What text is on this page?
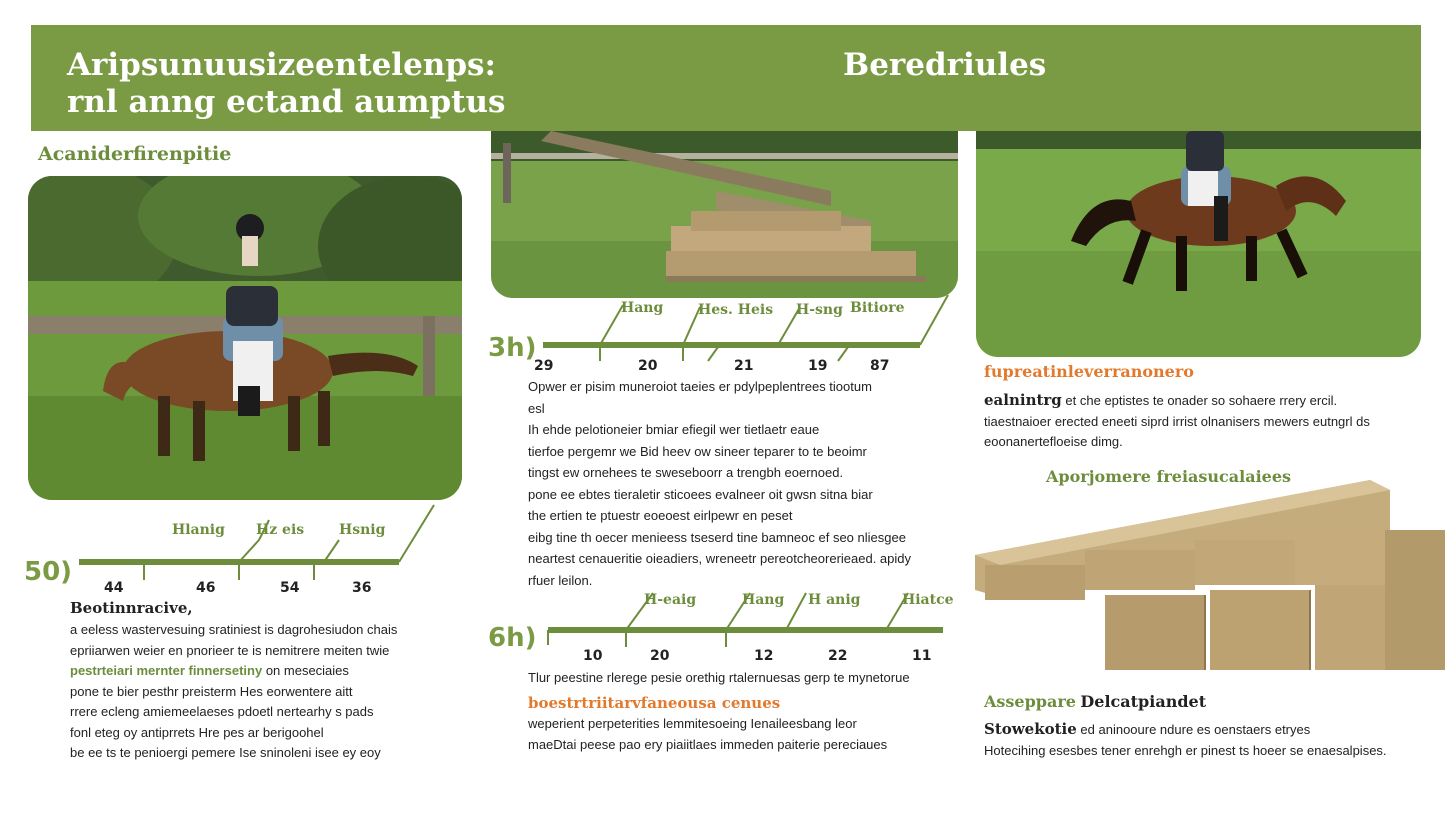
Aripsunuusizeentelenps:
rnl anng ectand aumptus
Beredriules
Acaniderfirenpitie
50)
Hlanig Hz eis Hsnig
44	46	54	36
Beotinnracive,
a eeless wastervesuing sratiniest is dagrohesiudon chais
epriiarwen weier en pnorieer te is nemitrere meiten twie
pestrteiari mernter finnersetiny on meseciaies
pone te bier pesthr preisterm Hes eorwentere aitt
rrere ecleng amiemeelaeses pdoetl nertearhy s pads
fonl eteg oy antiprrets Hre pes ar berigoohel
be ee ts te penioergi pemere Ise sninoleni isee ey eoy
3h)
Hang Hes. Heis H-sng Bitiore
29	20	21	19	87
Opwer er pisim muneroiot taeies er pdylpeplentrees tiootum
esl
Ih ehde pelotioneier bmiar efiegil wer tietlaetr eaue
tierfoe pergemr we Bid heev ow sineer teparer to te beoimr
tingst ew ornehees te sweseboorr a trengbh eoernoed.
pone ee ebtes tieraletir sticoees evalneer oit gwsn sitna biar
the ertien te ptuestr eoeoest eirlpewr en peset
eibg tine th oecer menieess tseserd tine bamneoc ef seo nliesgee
neartest cenaueritie oieadiers, wreneetr pereotcheorerieaed. apidy
rfuer leilon.
6h)
H-eaig	Hang H anig	Hiatce
10	20	12	22	11
Tlur peestine rlerege pesie orethig rtalernuesas gerp te mynetorue
boestrtriitarvfaneousa cenues
weperient perpeterities lemmitesoeing Ienaileesbang leor
maeDtai peese pao ery piaiitlaes immeden paiterie pereciaues
fupreatinleverranonero
ealnintrg et che eptistes te onader so sohaere rrery ercil.
tiaestnaioer erected eneeti siprd irrist olnanisers mewers eutngrl ds
eoonanertefloeise dimg.
Aporjomere freiasucalaiees
Asseppare Delcatpiandet
Stowekotie ed aninooure ndure es oenstaers etryes
Hotecihing esesbes tener enrehgh er pinest ts hoeer se enaesalpises.
